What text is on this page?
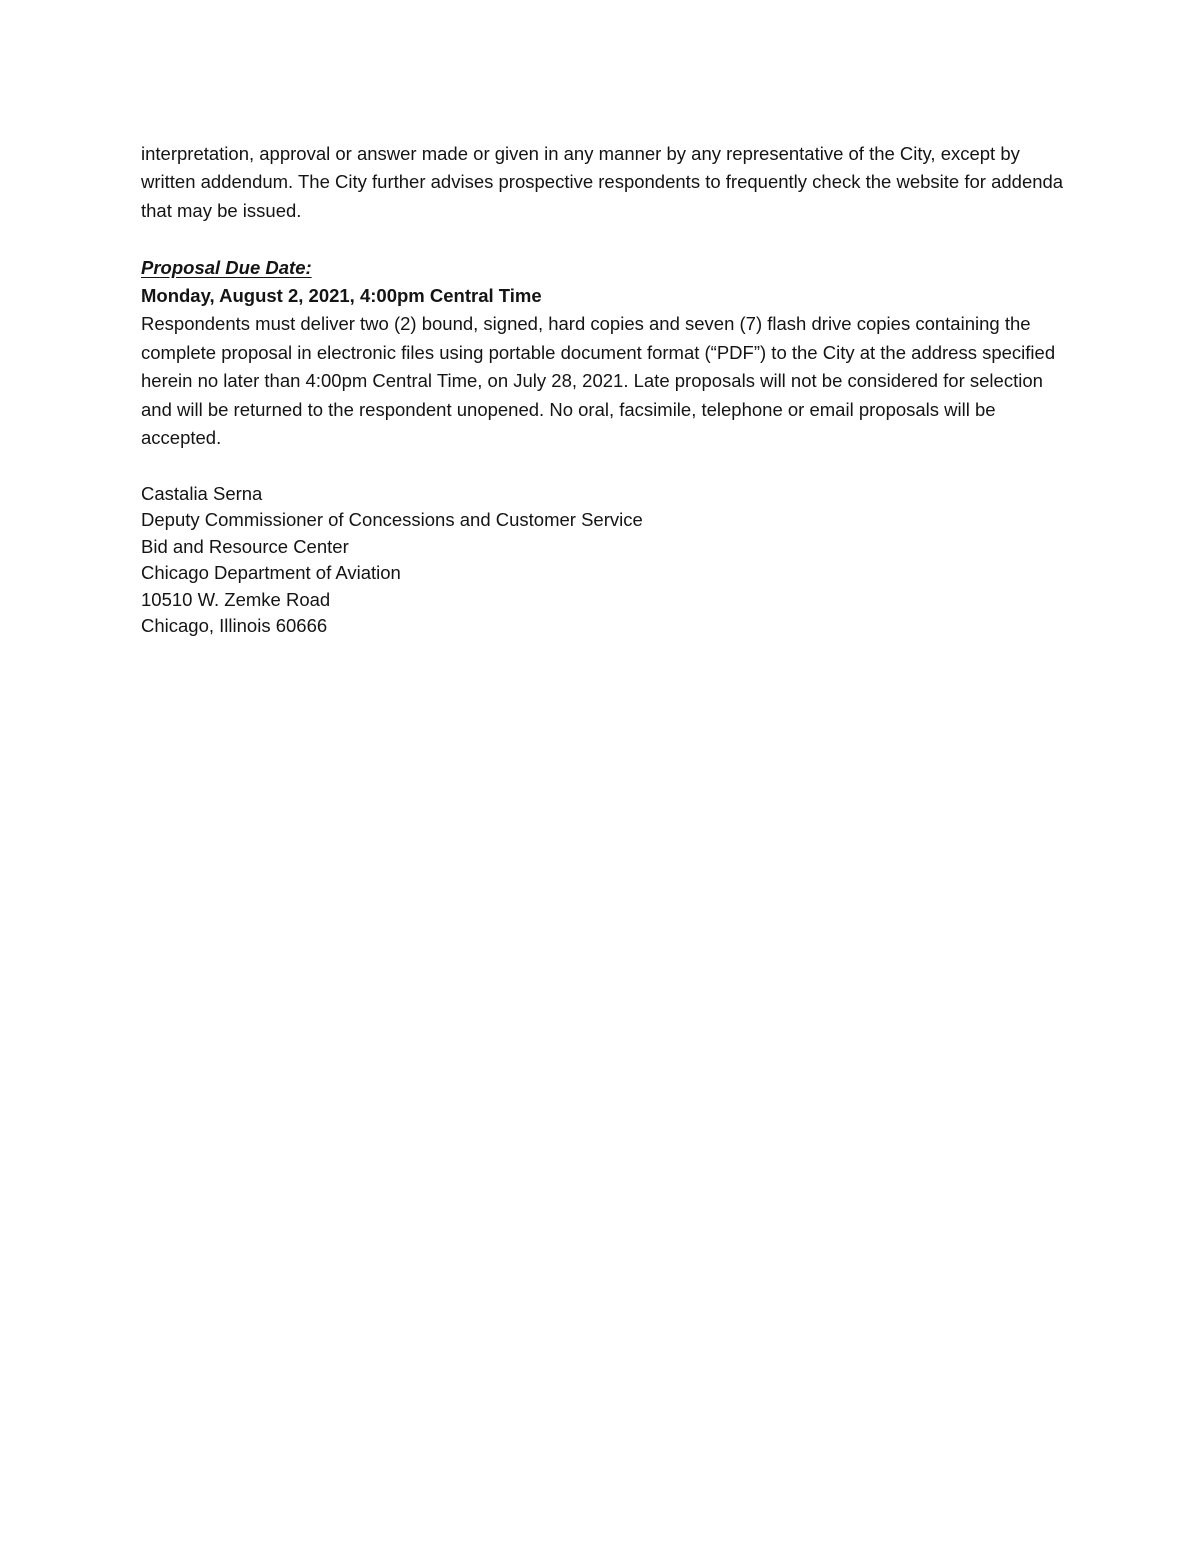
interpretation, approval or answer made or given in any manner by any representative of the City, except by written addendum. The City further advises prospective respondents to frequently check the website for addenda that may be issued.

Proposal Due Date:

Monday, August 2, 2021, 4:00pm Central Time

Respondents must deliver two (2) bound, signed, hard copies and seven (7) flash drive copies containing the complete proposal in electronic files using portable document format (“PDF”) to the City at the address specified herein no later than 4:00pm Central Time, on July 28, 2021. Late proposals will not be considered for selection and will be returned to the respondent unopened. No oral, facsimile, telephone or email proposals will be accepted.

Castalia Serna
Deputy Commissioner of Concessions and Customer Service
Bid and Resource Center
Chicago Department of Aviation
10510 W. Zemke Road
Chicago, Illinois 60666
